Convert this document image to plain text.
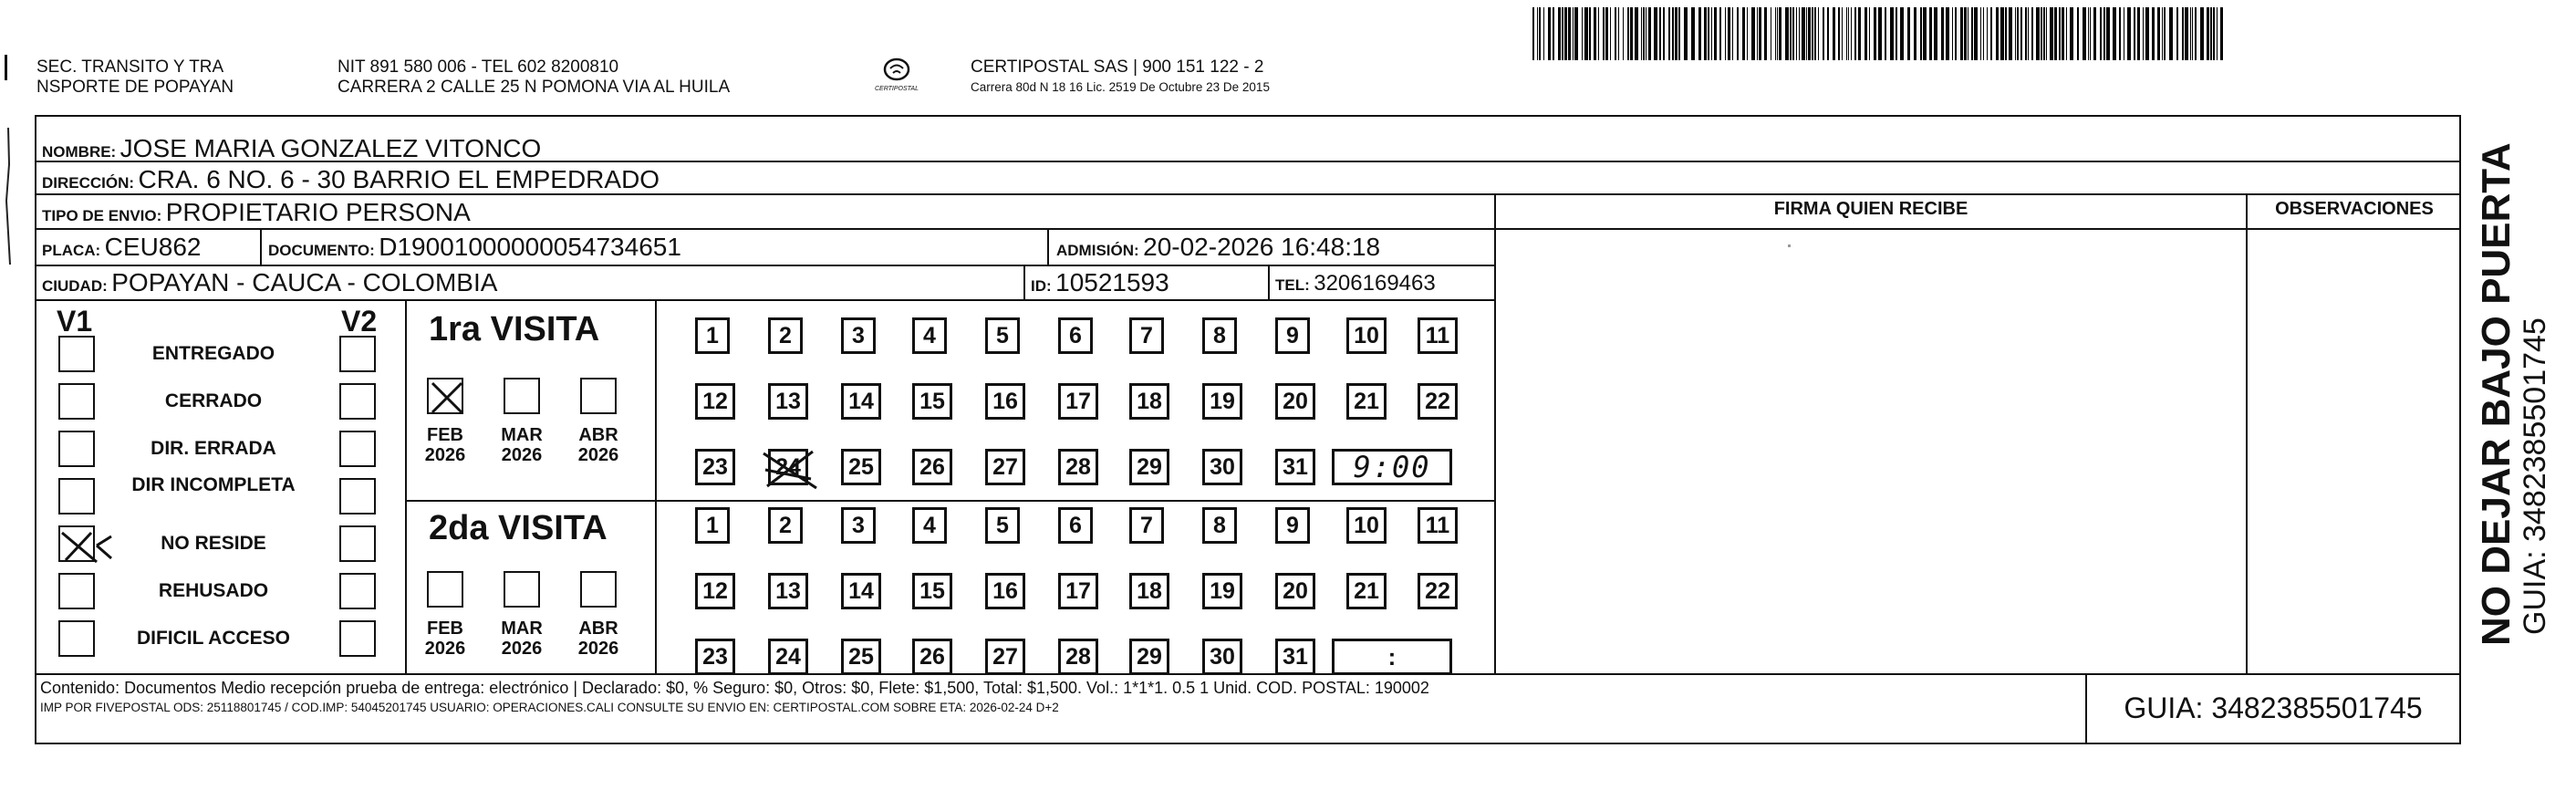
SEC. TRANSITO Y TRA
NSPORTE DE POPAYAN
NIT 891 580 006 - TEL 602 8200810
CARRERA 2 CALLE 25 N POMONA VIA AL HUILA	CERTIPOSTAL
CERTIPOSTAL SAS | 900 151 122 - 2
Carrera 80d N 18 16 Lic. 2519 De Octubre 23 De 2015
NOMBRE: JOSE MARIA GONZALEZ VITONCO
DIRECCIÓN: CRA. 6 NO. 6 - 30 BARRIO EL EMPEDRADO
TIPO DE ENVIO: PROPIETARIO PERSONA
PLACA: CEU862	DOCUMENTO: D19001000000054734651	ADMISIÓN: 20-02-2026 16:48:18
CIUDAD: POPAYAN - CAUCA - COLOMBIA	ID: 10521593	TEL: 3206169463
FIRMA QUIEN RECIBE	OBSERVACIONES
V1	V2
ENTREGADO
CERRADO
DIR. ERRADA
DIR INCOMPLETA
NO RESIDE
REHUSADO
DIFICIL ACCESO
1ra VISITA
2da VISITA
FEB
2026
MAR
2026
ABR
2026
FEB
2026
MAR
2026
ABR
2026
1	2	3	4	5	6	7	8	9	10	11
12	13	14	15	16	17	18	19	20	21	22
23	24	25	26	27	28	29	30	31
1	2	3	4	5	6	7	8	9	10	11
12	13	14	15	16	17	18	19	20	21	22
23	24	25	26	27	28	29	30	31
9:00
:
NO DEJAR BAJO PUERTA GUIA: 3482385501745
Contenido: Documentos Medio recepción prueba de entrega: electrónico | Declarado: $0, % Seguro: $0, Otros: $0, Flete: $1,500, Total: $1,500. Vol.: 1*1*1. 0.5 1 Unid. COD. POSTAL: 190002
IMP POR FIVEPOSTAL ODS: 25118801745 / COD.IMP: 54045201745 USUARIO: OPERACIONES.CALI CONSULTE SU ENVIO EN: CERTIPOSTAL.COM SOBRE ETA: 2026-02-24 D+2	GUIA: 3482385501745
